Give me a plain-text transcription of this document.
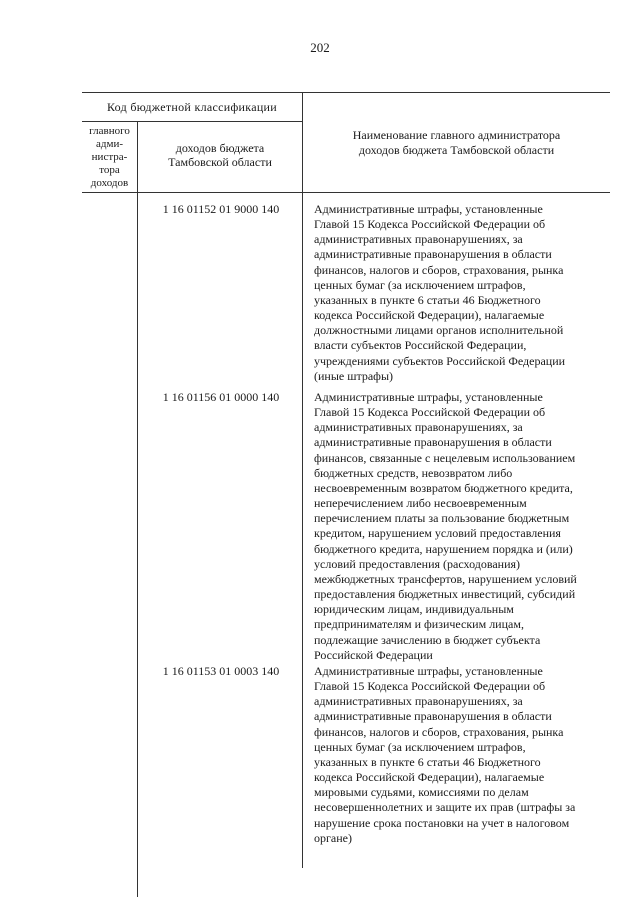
202
Код бюджетной классификации
главного
адми-
нистра-
тора
доходов
доходов бюджета
Тамбовской области
Наименование главного администратора
доходов бюджета Тамбовской области
1 16 01152 01 9000 140	Административные штрафы, установленные
Главой 15 Кодекса Российской Федерации об
административных правонарушениях, за
административные правонарушения в области
финансов, налогов и сборов, страхования, рынка
ценных бумаг (за исключением штрафов,
указанных в пункте 6 статьи 46 Бюджетного
кодекса Российской Федерации), налагаемые
должностными лицами органов исполнительной
власти субъектов Российской Федерации,
учреждениями субъектов Российской Федерации
(иные штрафы)
1 16 01156 01 0000 140	Административные штрафы, установленные
Главой 15 Кодекса Российской Федерации об
административных правонарушениях, за
административные правонарушения в области
финансов, связанные с нецелевым использованием
бюджетных средств, невозвратом либо
несвоевременным возвратом бюджетного кредита,
неперечислением либо несвоевременным
перечислением платы за пользование бюджетным
кредитом, нарушением условий предоставления
бюджетного кредита, нарушением порядка и (или)
условий предоставления (расходования)
межбюджетных трансфертов, нарушением условий
предоставления бюджетных инвестиций, субсидий
юридическим лицам, индивидуальным
предпринимателям и физическим лицам,
подлежащие зачислению в бюджет субъекта
Российской Федерации
1 16 01153 01 0003 140	Административные штрафы, установленные
Главой 15 Кодекса Российской Федерации об
административных правонарушениях, за
административные правонарушения в области
финансов, налогов и сборов, страхования, рынка
ценных бумаг (за исключением штрафов,
указанных в пункте 6 статьи 46 Бюджетного
кодекса Российской Федерации), налагаемые
мировыми судьями, комиссиями по делам
несовершеннолетних и защите их прав (штрафы за
нарушение срока постановки на учет в налоговом
органе)
